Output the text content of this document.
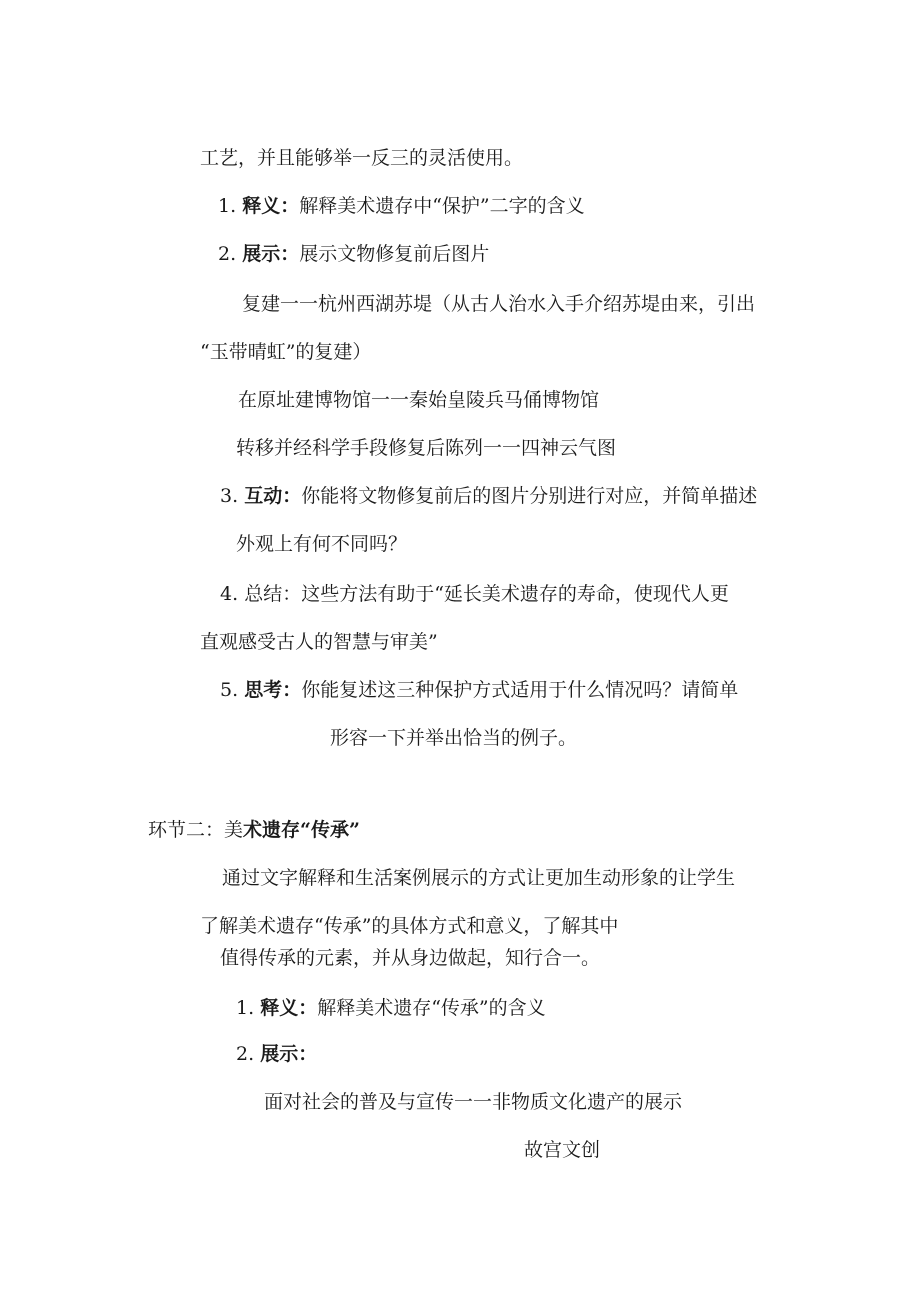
工艺，并且能够举一反三的灵活使用。
1. 释义：解释美术遗存中“保护”二字的含义
2. 展示：展示文物修复前后图片
复建一一杭州西湖苏堤（从古人治水入手介绍苏堤由来，引出
“玉带晴虹”的复建）
在原址建博物馆一一秦始皇陵兵马俑博物馆
转移并经科学手段修复后陈列一一四神云气图
3. 互动：你能将文物修复前后的图片分别进行对应，并简单描述
外观上有何不同吗？
4. 总结：这些方法有助于“延长美术遗存的寿命，使现代人更
直观感受古人的智慧与审美”
5. 思考：你能复述这三种保护方式适用于什么情况吗？请简单
形容一下并举出恰当的例子。
环节二：美术遗存“传承”
通过文字解释和生活案例展示的方式让更加生动形象的让学生
了解美术遗存“传承”的具体方式和意义，了解其中
值得传承的元素，并从身边做起，知行合一。
1. 释义：解释美术遗存“传承”的含义
2. 展示：
面对社会的普及与宣传一一非物质文化遗产的展示
故宫文创
